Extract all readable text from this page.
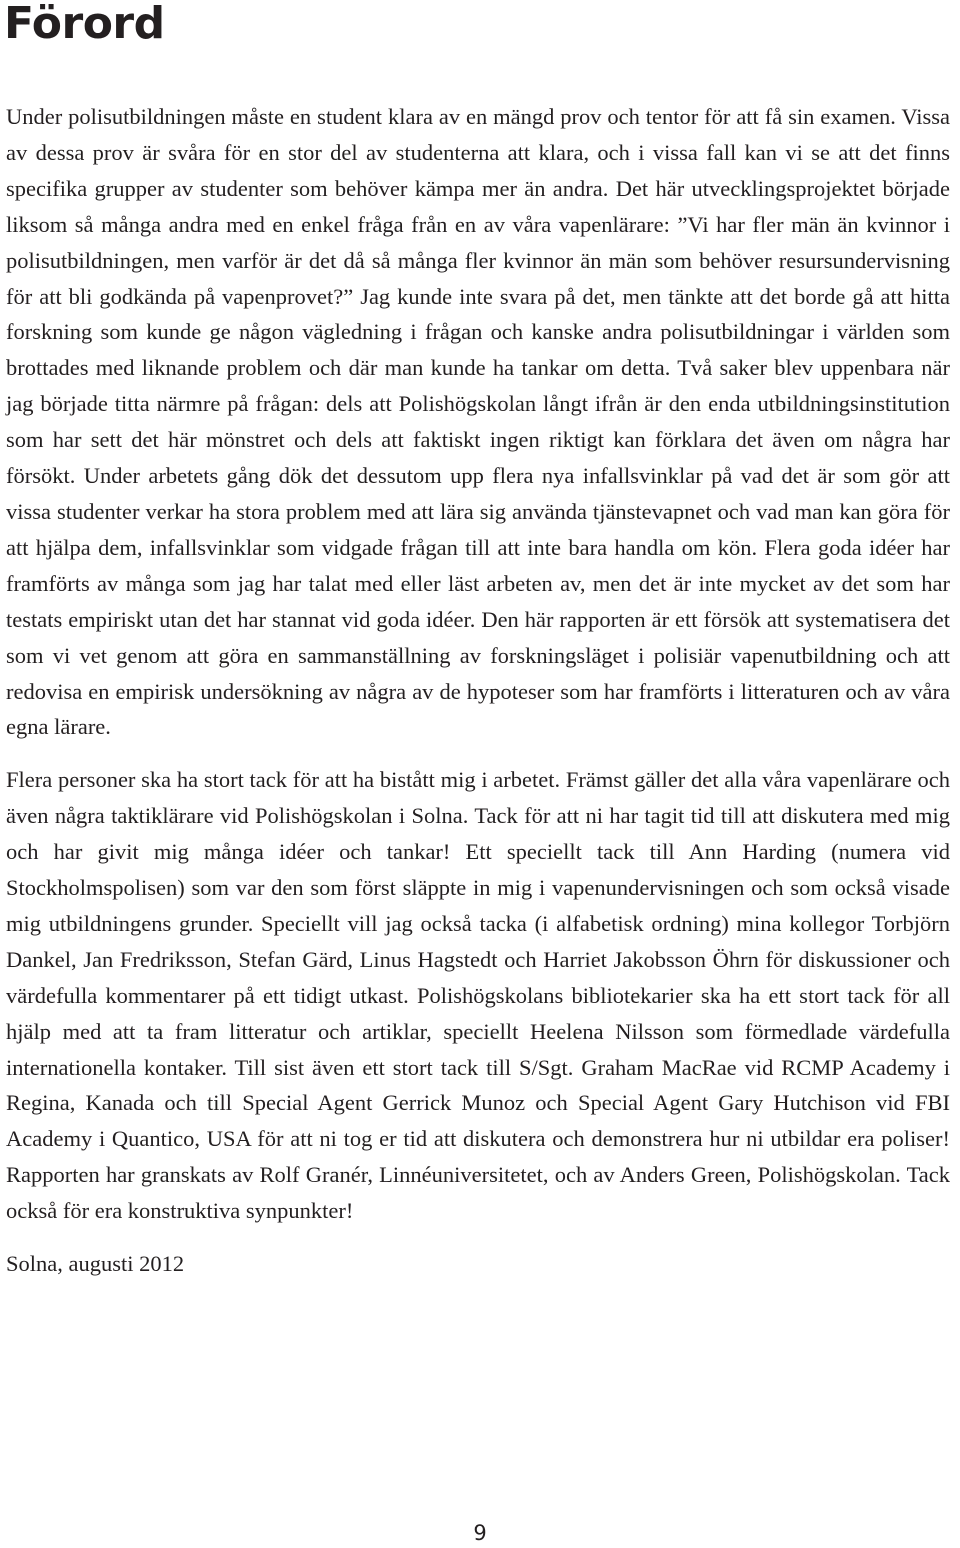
Förord

Under polisutbildningen måste en student klara av en mängd prov och tentor för att få sin examen. Vissa av dessa prov är svåra för en stor del av studenterna att klara, och i vissa fall kan vi se att det finns specifika grupper av studenter som behöver kämpa mer än andra. Det här utvecklingsprojektet började liksom så många andra med en enkel fråga från en av våra vapenlärare: ”Vi har fler män än kvinnor i polisutbildningen, men varför är det då så många fler kvinnor än män som behöver resursundervisning för att bli godkända på vapenprovet?” Jag kunde inte svara på det, men tänkte att det borde gå att hitta forskning som kunde ge någon vägledning i frågan och kanske andra polisutbildningar i världen som brottades med liknande problem och där man kunde ha tankar om detta. Två saker blev uppenbara när jag började titta närmre på frågan: dels att Polishögskolan långt ifrån är den enda utbildningsinstitution som har sett det här mönstret och dels att faktiskt ingen riktigt kan förklara det även om några har försökt. Under arbetets gång dök det dessutom upp flera nya infallsvinklar på vad det är som gör att vissa studenter verkar ha stora problem med att lära sig använda tjänstevapnet och vad man kan göra för att hjälpa dem, infallsvinklar som vidgade frågan till att inte bara handla om kön. Flera goda idéer har framförts av många som jag har talat med eller läst arbeten av, men det är inte mycket av det som har testats empiriskt utan det har stannat vid goda idéer. Den här rapporten är ett försök att systematisera det som vi vet genom att göra en sammanställning av forskningsläget i polisiär vapenutbildning och att redovisa en empirisk undersökning av några av de hypoteser som har framförts i litteraturen och av våra egna lärare.

Flera personer ska ha stort tack för att ha bistått mig i arbetet. Främst gäller det alla våra vapenlärare och även några taktiklärare vid Polishögskolan i Solna. Tack för att ni har tagit tid till att diskutera med mig och har givit mig många idéer och tankar! Ett speciellt tack till Ann Harding (numera vid Stockholmspolisen) som var den som först släppte in mig i vapenundervisningen och som också visade mig utbildningens grunder. Speciellt vill jag också tacka (i alfabetisk ordning) mina kollegor Torbjörn Dankel, Jan Fredriksson, Stefan Gärd, Linus Hagstedt och Harriet Jakobsson Öhrn för diskussioner och värdefulla kommentarer på ett tidigt utkast. Polishögskolans bibliotekarier ska ha ett stort tack för all hjälp med att ta fram litteratur och artiklar, speciellt Heelena Nilsson som förmedlade värdefulla internationella kontaker. Till sist även ett stort tack till S/Sgt. Graham MacRae vid RCMP Academy i Regina, Kanada och till Special Agent Gerrick Munoz och Special Agent Gary Hutchison vid FBI Academy i Quantico, USA för att ni tog er tid att diskutera och demonstrera hur ni utbildar era poliser! Rapporten har granskats av Rolf Granér, Linnéuniversitetet, och av Anders Green, Polishögskolan. Tack också för era konstruktiva synpunkter!

Solna, augusti 2012

9
